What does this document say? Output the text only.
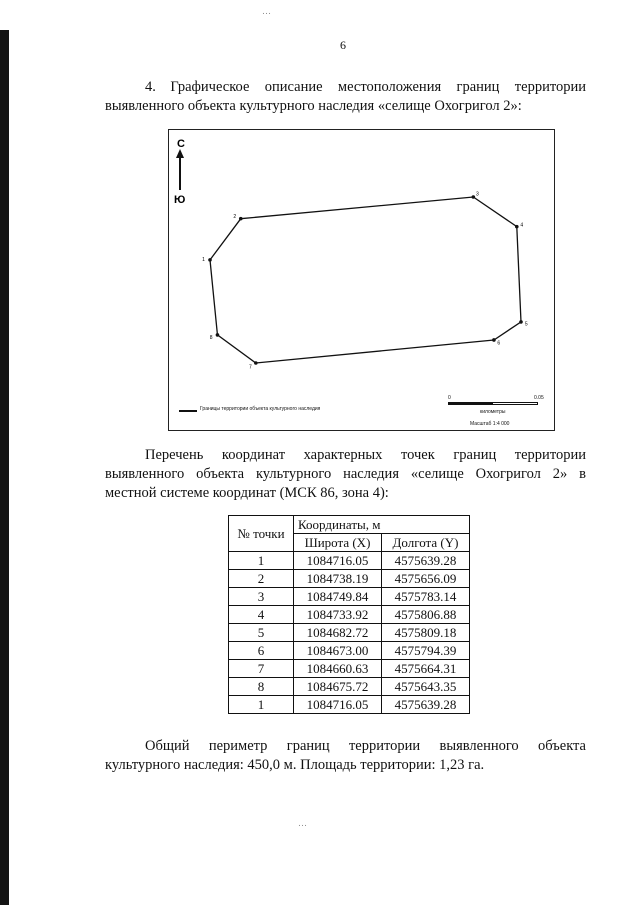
…
…
6
4. Графическое описание местоположения границ территории
выявленного объекта культурного наследия «селище Охогригол 2»:
С
Ю
1
2
3
4
5
6
7
8
Границы территории объекта культурного наследия
0	0.05
километры
Масштаб 1:4 000
Перечень координат характерных точек границ территории
выявленного объекта культурного наследия «селище Охогригол 2» в
местной системе координат (МСК 86, зона 4):
№ точки	Координаты, м	
	Широта (X)	Долгота (Y)
1	1084716.05	4575639.28
2	1084738.19	4575656.09
3	1084749.84	4575783.14
4	1084733.92	4575806.88
5	1084682.72	4575809.18
6	1084673.00	4575794.39
7	1084660.63	4575664.31
8	1084675.72	4575643.35
1	1084716.05	4575639.28
Общий периметр границ территории выявленного объекта
культурного наследия: 450,0 м. Площадь территории: 1,23 га.
